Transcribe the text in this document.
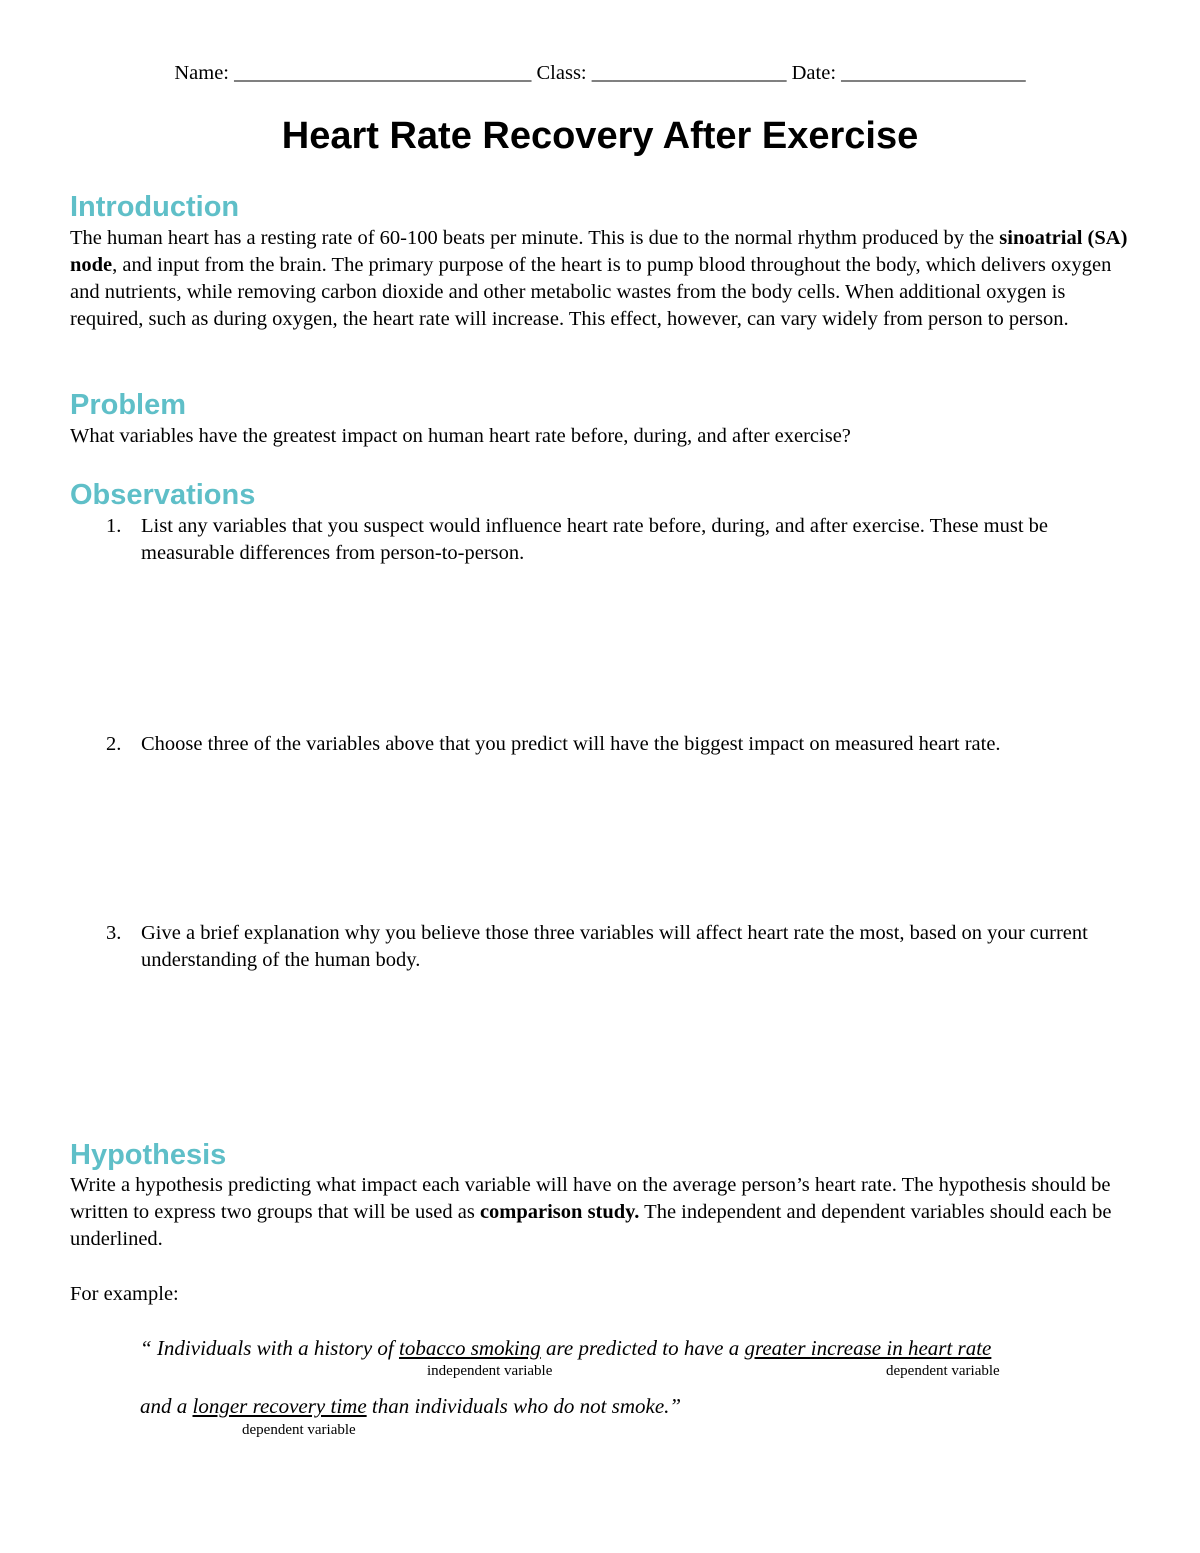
Name: _____________________________ Class: ___________________ Date: __________________
Heart Rate Recovery After Exercise
Introduction
The human heart has a resting rate of 60-100 beats per minute. This is due to the normal rhythm produced by the sinoatrial (SA) node, and input from the brain. The primary purpose of the heart is to pump blood throughout the body, which delivers oxygen and nutrients, while removing carbon dioxide and other metabolic wastes from the body cells. When additional oxygen is required, such as during oxygen, the heart rate will increase. This effect, however, can vary widely from person to person.
Problem
What variables have the greatest impact on human heart rate before, during, and after exercise?
Observations
1. List any variables that you suspect would influence heart rate before, during, and after exercise. These must be measurable differences from person-to-person.
2. Choose three of the variables above that you predict will have the biggest impact on measured heart rate.
3. Give a brief explanation why you believe those three variables will affect heart rate the most, based on your current understanding of the human body.
Hypothesis
Write a hypothesis predicting what impact each variable will have on the average person’s heart rate. The hypothesis should be written to express two groups that will be used as comparison study. The independent and dependent variables should each be underlined.
For example:
“ Individuals with a history of tobacco smoking are predicted to have a greater increase in heart rate
independent variable	dependent variable
and a longer recovery time than individuals who do not smoke.”
dependent variable
